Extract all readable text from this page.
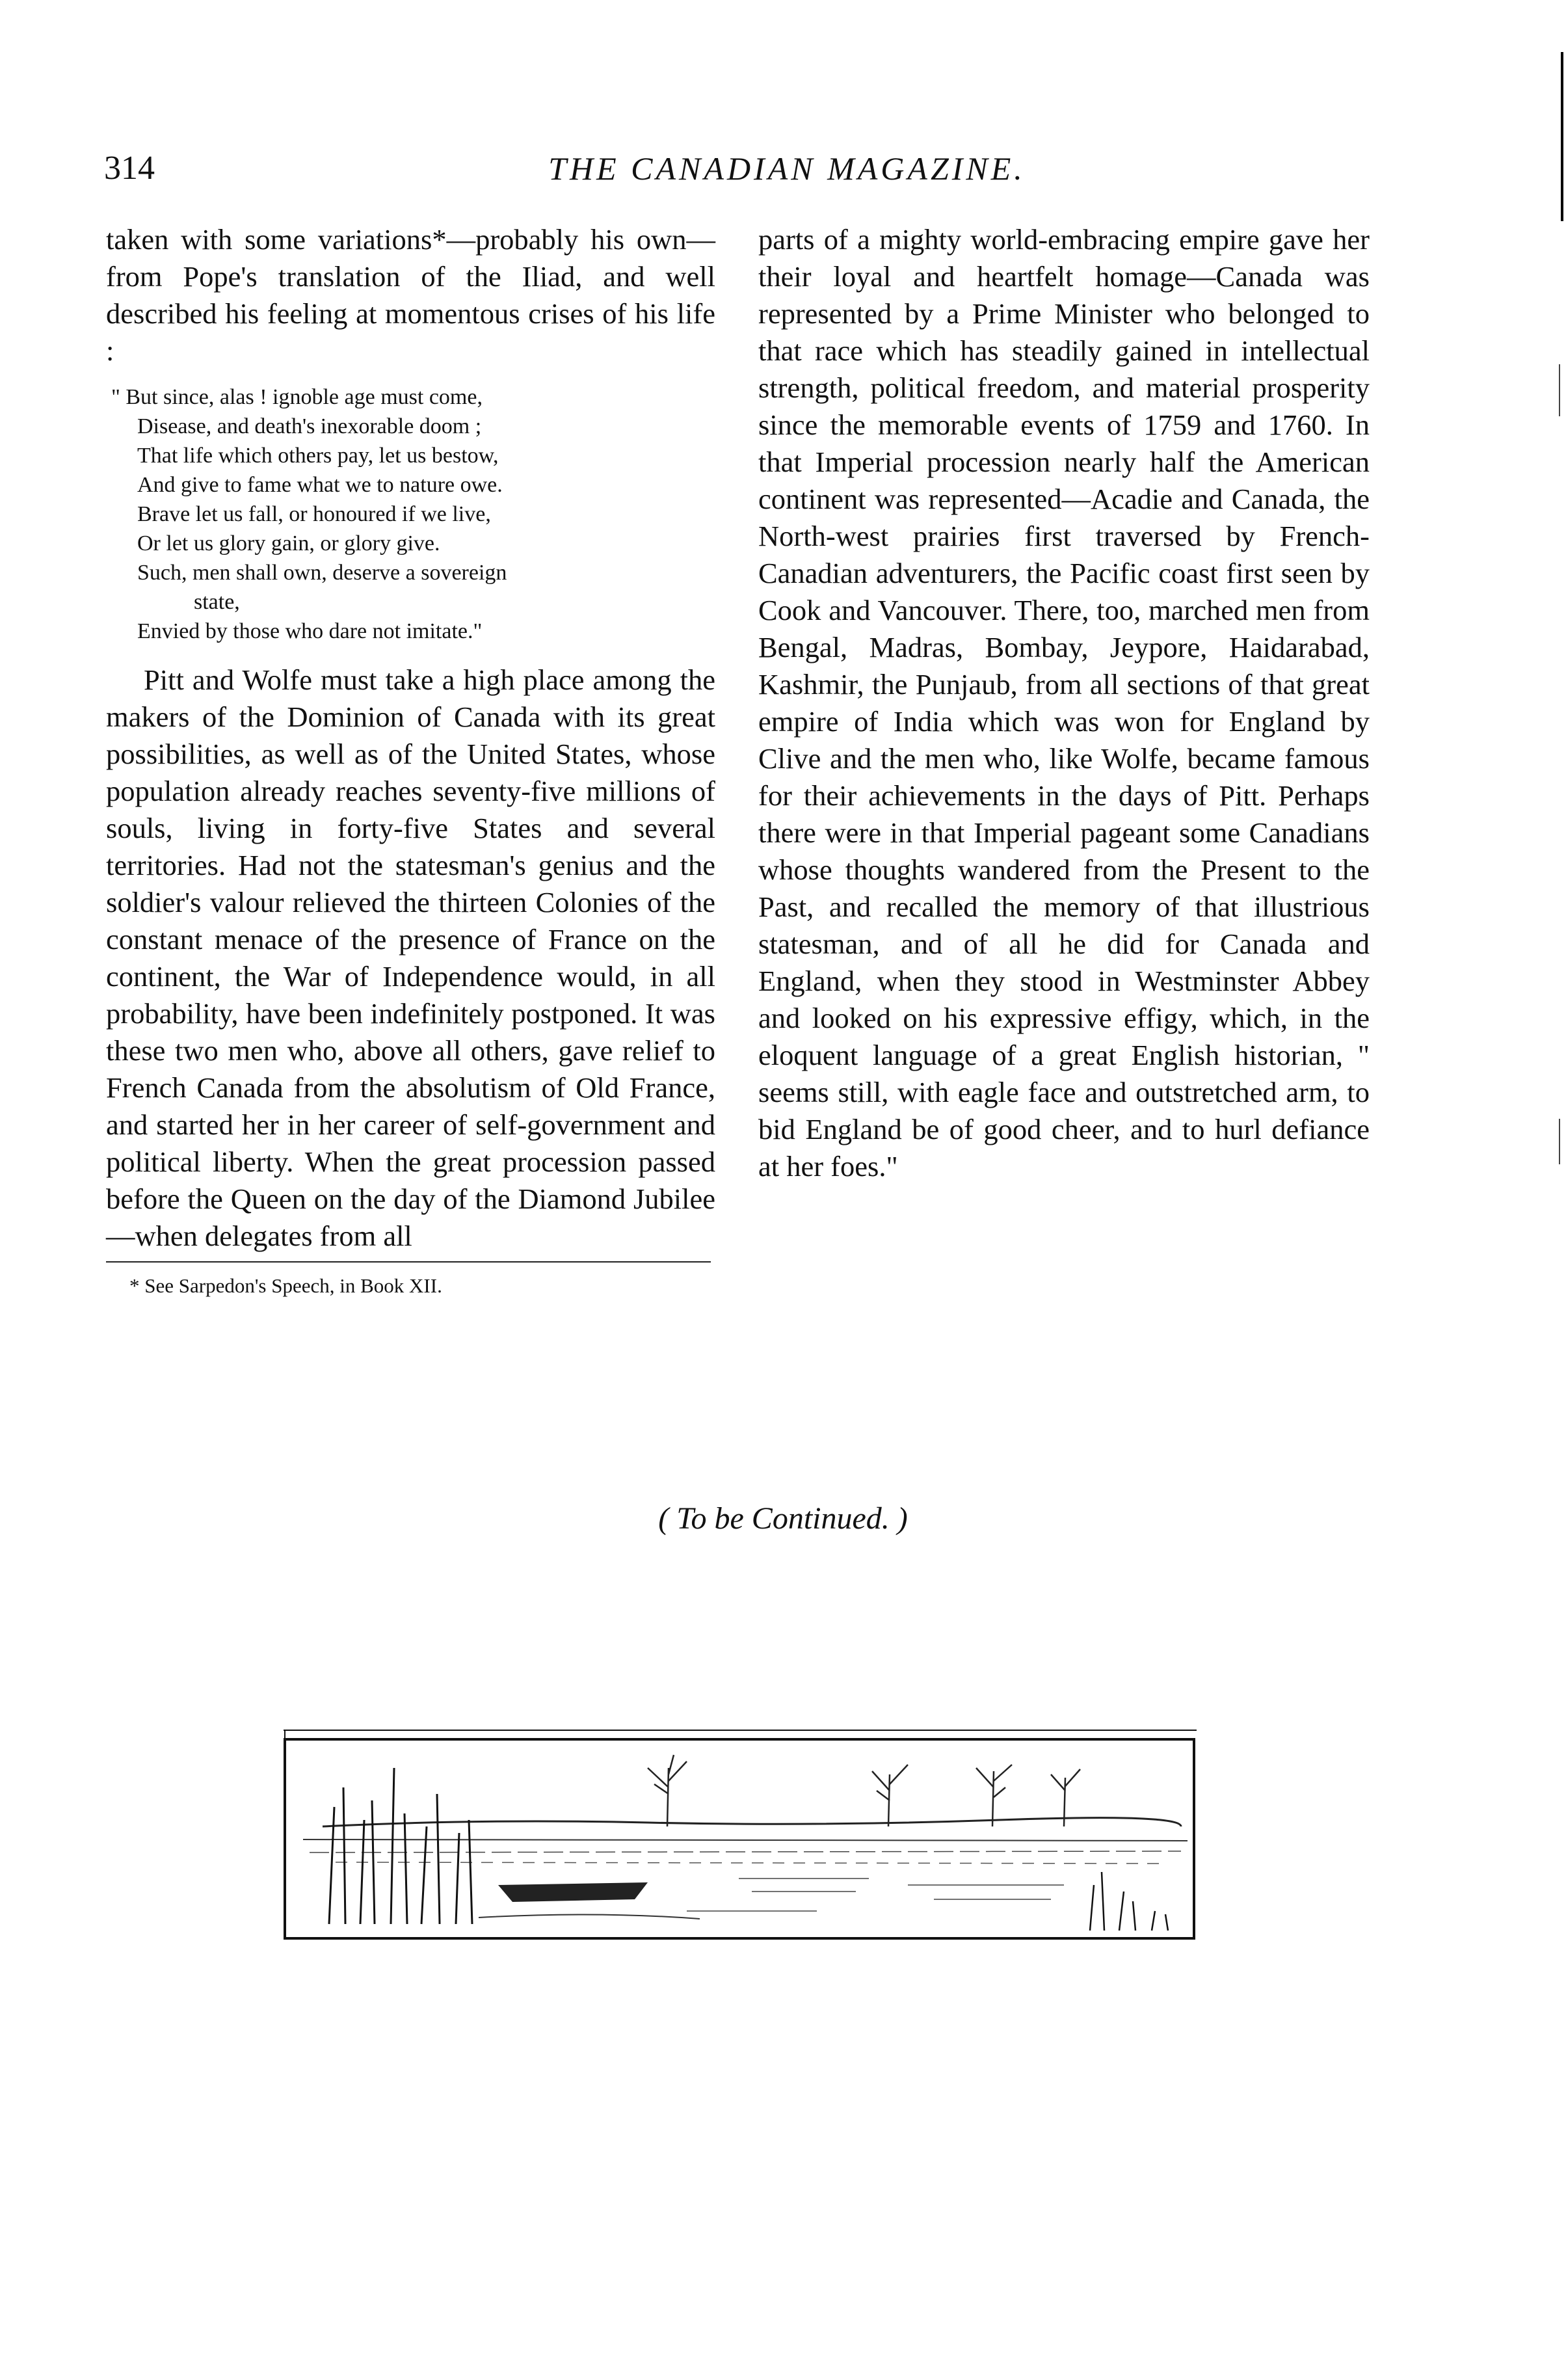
314	THE CANADIAN MAGAZINE.
taken with some variations*—probably his own—from Pope's translation of the Iliad, and well described his feeling at momentous crises of his life :
" But since, alas ! ignoble age must come,
Disease, and death's inexorable doom ;
That life which others pay, let us bestow,
And give to fame what we to nature owe.
Brave let us fall, or honoured if we live,
Or let us glory gain, or glory give.
Such, men shall own, deserve a sovereign
state,
Envied by those who dare not imitate."

Pitt and Wolfe must take a high place among the makers of the Dominion of Canada with its great possibilities, as well as of the United States, whose population already reaches seventy-five millions of souls, living in forty-five States and several territories. Had not the statesman's genius and the soldier's valour relieved the thirteen Colonies of the constant menace of the presence of France on the continent, the War of Independence would, in all probability, have been indefinitely postponed. It was these two men who, above all others, gave relief to French Canada from the absolutism of Old France, and started her in her career of self-government and political liberty. When the great procession passed before the Queen on the day of the Diamond Jubilee—when delegates from all

* See Sarpedon's Speech, in Book XII.

parts of a mighty world-embracing empire gave her their loyal and heartfelt homage—Canada was represented by a Prime Minister who belonged to that race which has steadily gained in intellectual strength, political freedom, and material prosperity since the memorable events of 1759 and 1760. In that Imperial procession nearly half the American continent was represented—Acadie and Canada, the North-west prairies first traversed by French-Canadian adventurers, the Pacific coast first seen by Cook and Vancouver. There, too, marched men from Bengal, Madras, Bombay, Jeypore, Haidarabad, Kashmir, the Punjaub, from all sections of that great empire of India which was won for England by Clive and the men who, like Wolfe, became famous for their achievements in the days of Pitt. Perhaps there were in that Imperial pageant some Canadians whose thoughts wandered from the Present to the Past, and recalled the memory of that illustrious statesman, and of all he did for Canada and England, when they stood in Westminster Abbey and looked on his expressive effigy, which, in the eloquent language of a great English historian, " seems still, with eagle face and outstretched arm, to bid England be of good cheer, and to hurl defiance at her foes."

( To be Continued. )
